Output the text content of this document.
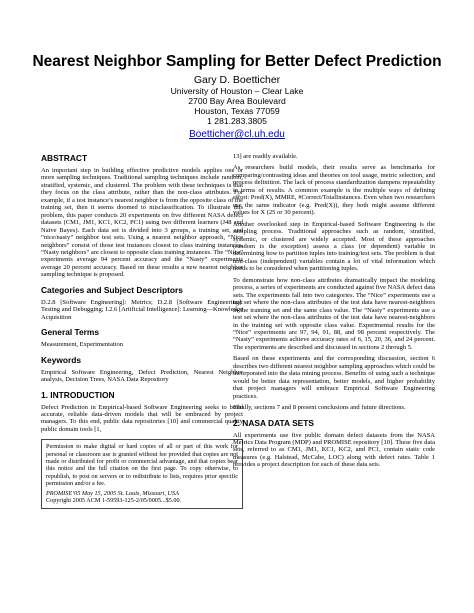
Nearest Neighbor Sampling for Better Defect Prediction
Gary D. Boetticher
University of Houston – Clear Lake
2700 Bay Area Boulevard
Houston, Texas 77059
1 281.283.3805
Boetticher@cl.uh.edu
ABSTRACT

An important step in building effective predictive models applies one or more sampling techniques. Traditional sampling techniques include random, stratified, systemic, and clustered. The problem with these techniques is that they focus on the class attribute, rather than the non-class attributes. For example, if a test instance’s nearest neighbor is from the opposite class of the training set, then it seems doomed to misclassification. To illustrate this problem, this paper conducts 20 experiments on five different NASA defect datasets (CM1, JM1, KC1, KC2, PC1) using two different learners (J48 and Naïve Bayes). Each data set is divided into 3 groups, a training set, and “nice/nasty” neighbor test sets. Using a nearest neighbor approach, “Nice neighbors” consist of those test instances closest to class training instances. “Nasty neighbors” are closest to opposite class training instances. The “Nice” experiments average 94 percent accuracy and the “Nasty” experiments average 20 percent accuracy. Based on these results a new nearest neighbor sampling technique is proposed.

Categories and Subject Descriptors

D.2.8 [Software Engineering]: Metrics; D.2.8 [Software Engineering]: Testing and Debugging; I.2.6 [Artificial Intelligence]: Learning—Knowledge Acquisition

General Terms

Measurement, Experimentation

Keywords

Empirical Software Engineering, Defect Prediction, Nearest Neighbor analysis, Decision Trees, NASA Data Repository

1. INTRODUCTION

Defect Prediction in Empirical-based Software Engineering seeks to build accurate, reliable data-driven models that will be embraced by project managers. To this end, public data repositories [10] and commercial quality public domain tools [1,

Permission to make digital or hard copies of all or part of this work for personal or classroom use is granted without fee provided that copies are not made or distributed for profit or commercial advantage, and that copies bear this notice and the full citation on the first page. To copy otherwise, to republish, to post on servers or to redistribute to lists, requires prior specific permission and/or a fee.

PROMISE’05 May 15, 2005 St. Louis, Missouri, USA
Copyright 2005 ACM 1-59593-125-2/05/0005...$5.00.

13] are readily available.

As researchers build models, their results serve as benchmarks for comparing/contrasting ideas and theories on tool usage, metric selection, and process definition. The lack of process standardization dampens repeatability in terms of results. A common example is the multiple ways of defining effort: Pred(X), MMRE, #Correct/TotalInstances. Even when two researchers use the same indicator (e.g. Pred(X)), they both might assume different values for X (25 or 30 percent).

Another overlooked step in Empirical-based Software Engineering is the sampling process. Traditional approaches such as random, stratified, systemic, or clustered are widely accepted. Most of these approaches (random is the exception) assess a class (or dependent) variable in determining how to partition tuples into training/test sets. The problem is that non-class (independent) variables contain a lot of vital information which needs to be considered when partitioning tuples.

To demonstrate how non-class attributes dramatically impact the modeling process, a series of experiments are conducted against five NASA defect data sets. The experiments fall into two categories. The “Nice” experiments use a test set where the non-class attributes of the test data have nearest-neighbors in the training set and the same class value. The “Nasty” experiments use a test set where the non-class attributes of the test data have nearest-neighbors in the training set with opposite class value. Experimental results for the “Nice” experiments are 97, 94, 91, 88, and 98 percent respectively. The “Nasty” experiments achieve accuracy rates of 6, 15, 20, 36, and 24 percent. The experiments are described and discussed in sections 2 through 5.

Based on these experiments and the corresponding discussion, section 6 describes two different nearest neighbor sampling approaches which could be incorporated into the data mining process. Benefits of using such a technique would be better data representation, better models, and higher probability that project managers will embrace Empirical Software Engineering practices.

Finally, sections 7 and 8 present conclusions and future directions.

2. NASA DATA SETS

All experiments use five public domain defect datasets from the NASA Metrics Data Program (MDP) and PROMISE repository [10]. These five data sets, referred to as CM1, JM1, KC1, KC2, and PC1, contain static code measures (e.g. Halstead, McCabe, LOC) along with defect rates. Table 1 provides a project description for each of these data sets.
